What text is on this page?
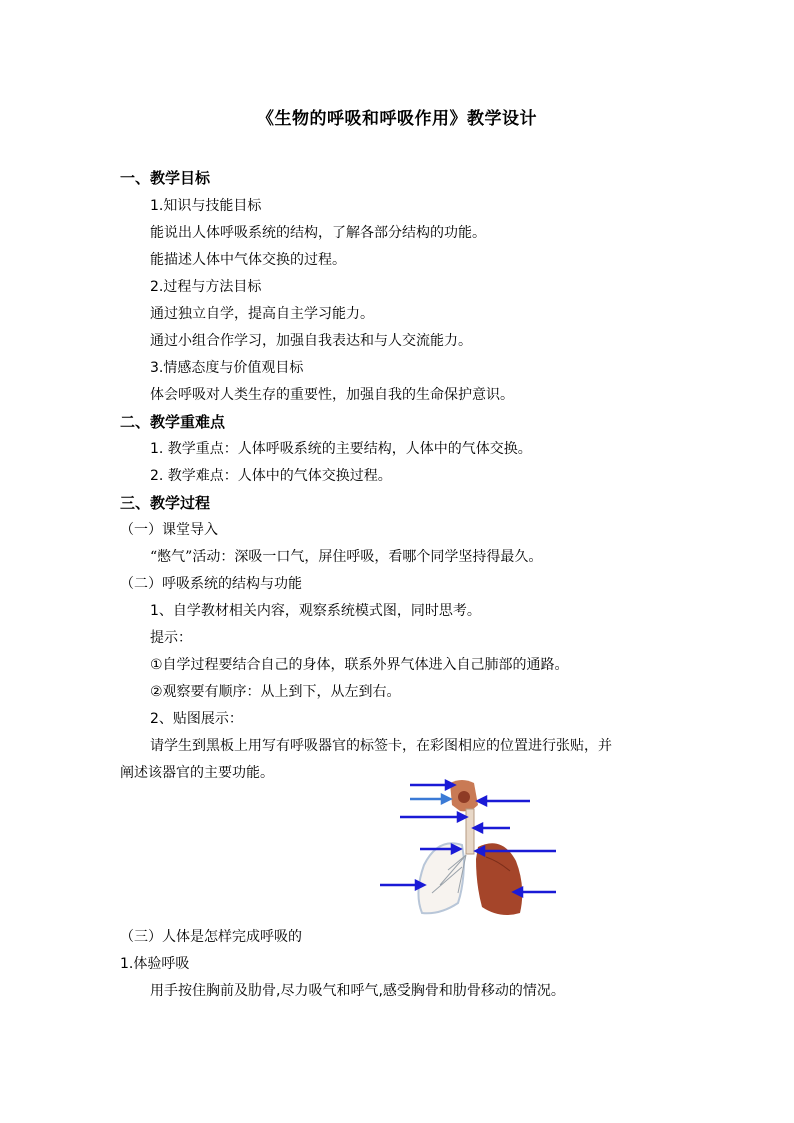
《生物的呼吸和呼吸作用》教学设计
一、教学目标
1.知识与技能目标
能说出人体呼吸系统的结构，了解各部分结构的功能。
能描述人体中气体交换的过程。
2.过程与方法目标
通过独立自学，提高自主学习能力。
通过小组合作学习，加强自我表达和与人交流能力。
3.情感态度与价值观目标
体会呼吸对人类生存的重要性，加强自我的生命保护意识。
二、教学重难点
1. 教学重点：人体呼吸系统的主要结构，人体中的气体交换。
2. 教学难点：人体中的气体交换过程。
三、教学过程
（一）课堂导入
“憋气”活动：深吸一口气，屏住呼吸，看哪个同学坚持得最久。
（二）呼吸系统的结构与功能
1、自学教材相关内容，观察系统模式图，同时思考。
提示：
①自学过程要结合自己的身体，联系外界气体进入自己肺部的通路。
②观察要有顺序：从上到下，从左到右。
2、贴图展示：
请学生到黑板上用写有呼吸器官的标签卡，在彩图相应的位置进行张贴，并
阐述该器官的主要功能。
（三）人体是怎样完成呼吸的
1.体验呼吸
用手按住胸前及肋骨,尽力吸气和呼气,感受胸骨和肋骨移动的情况。
